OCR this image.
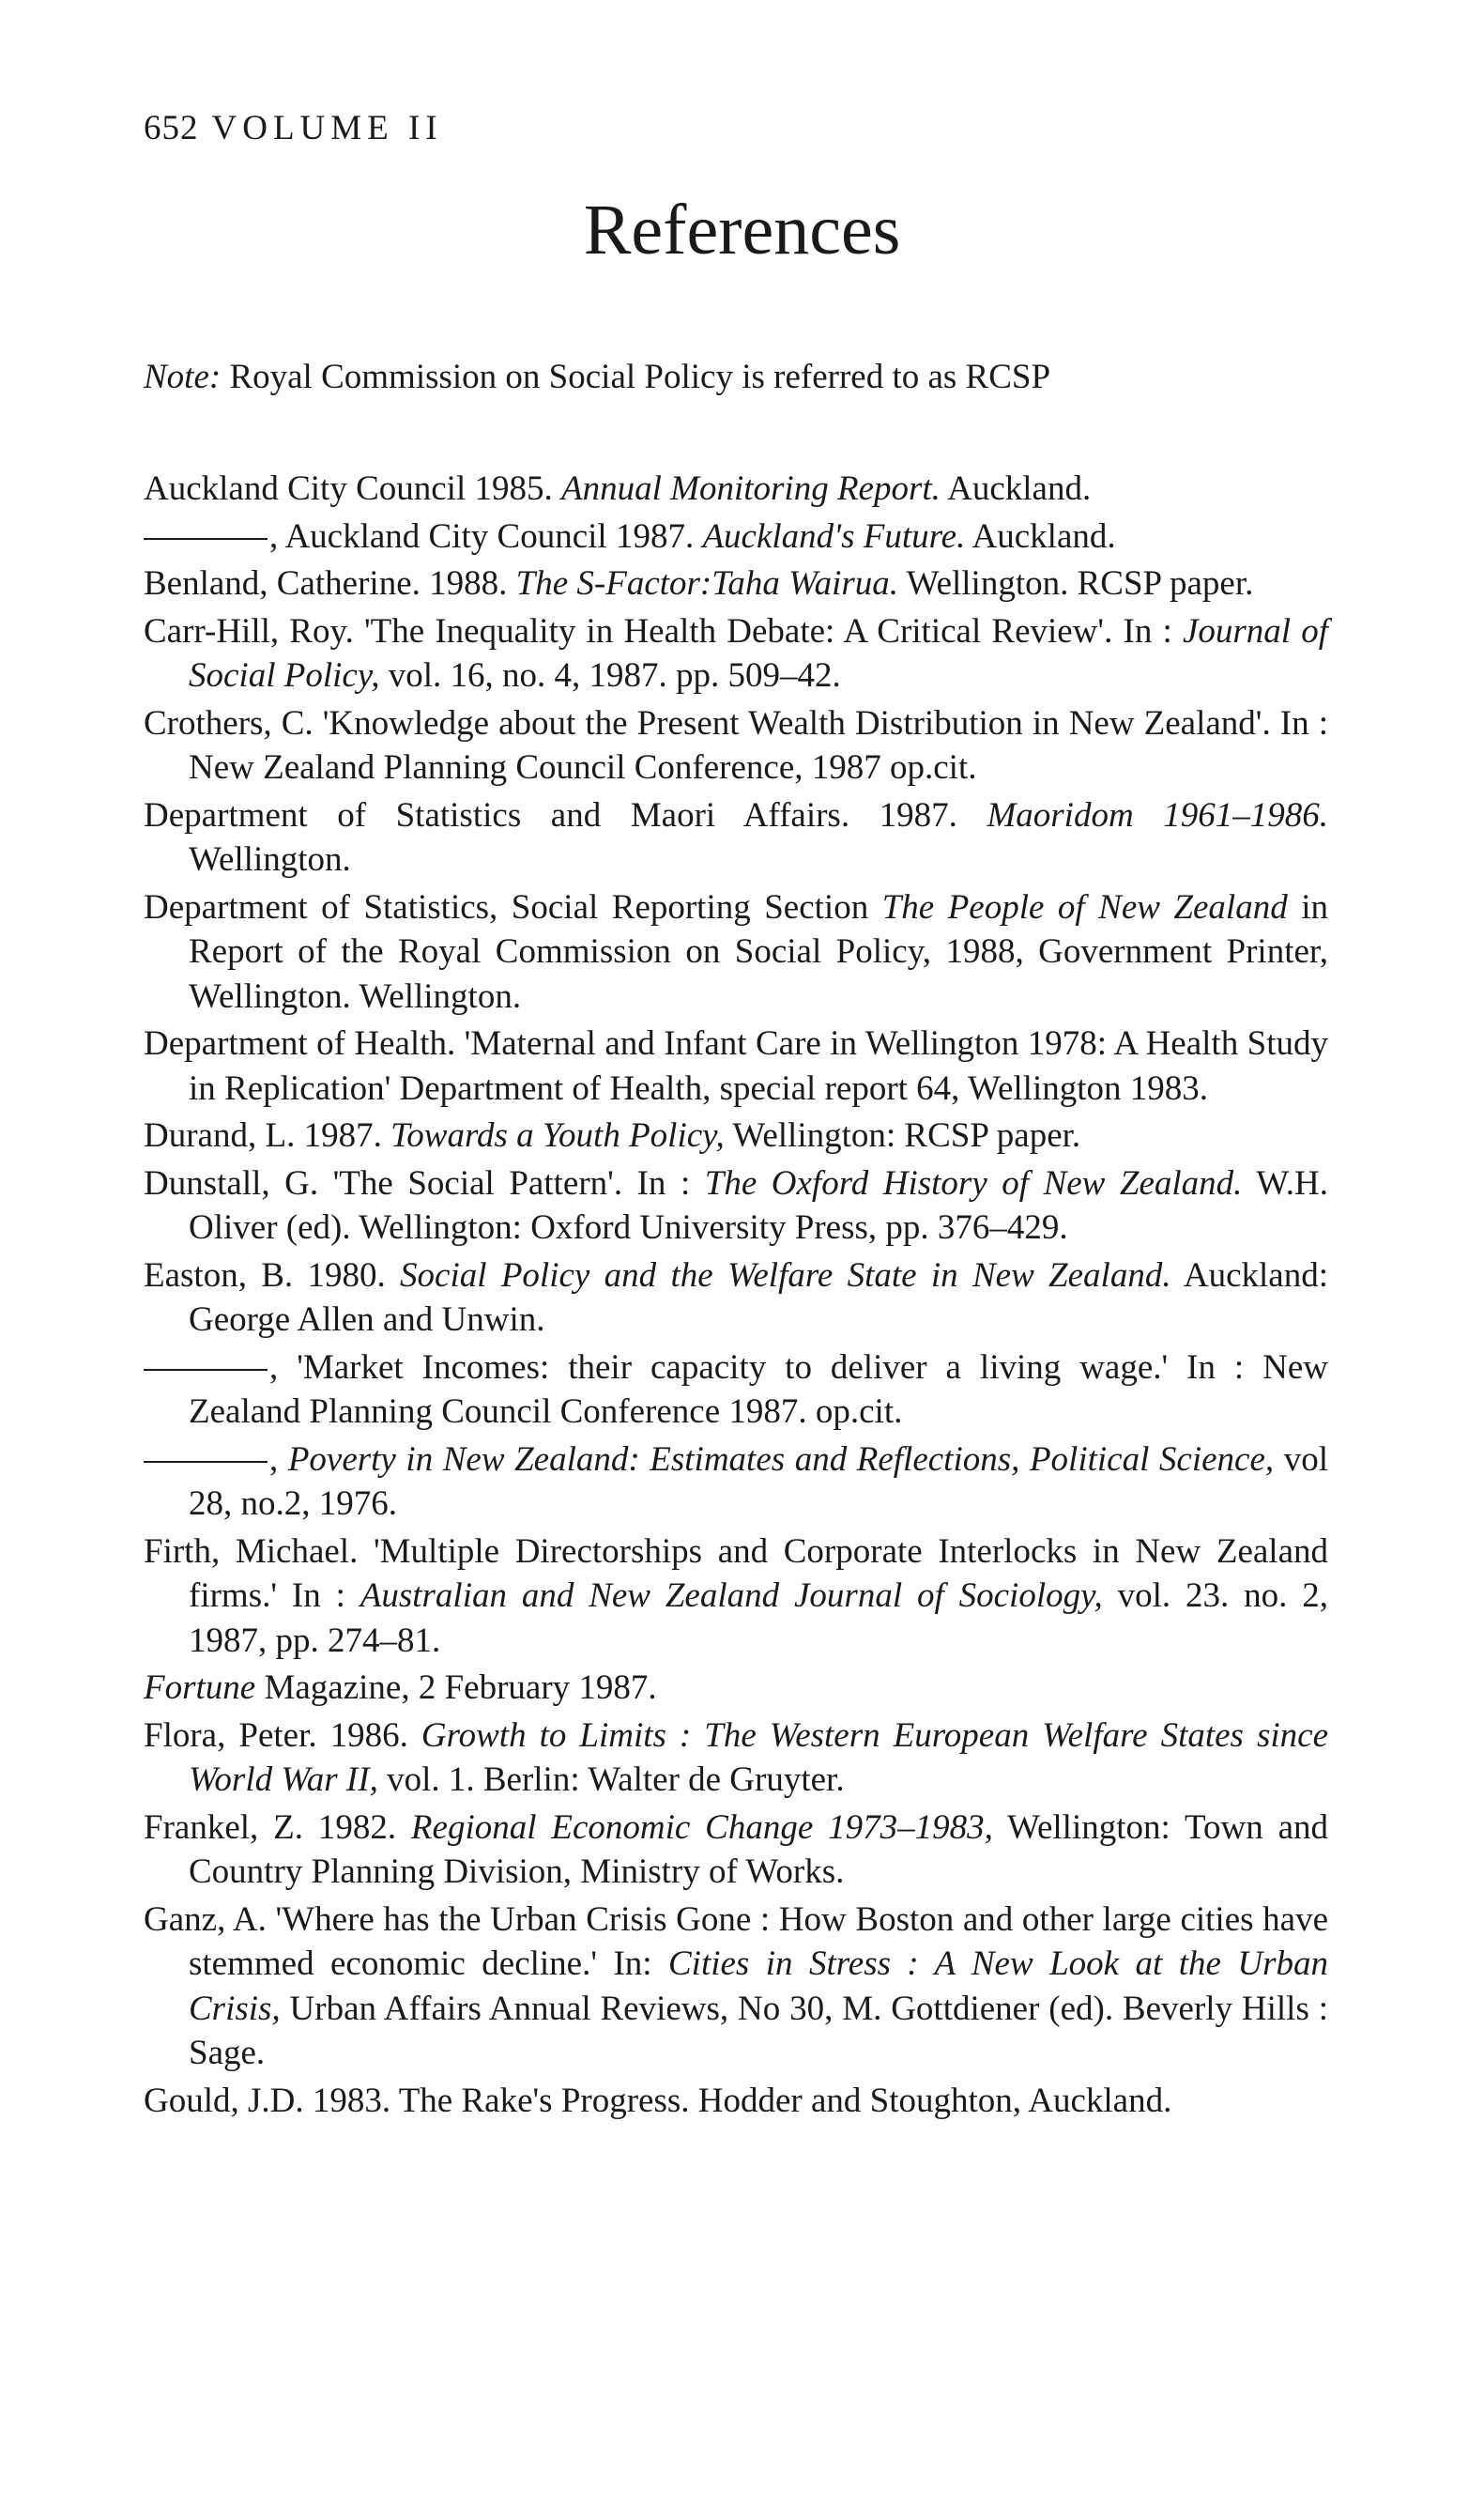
652 VOLUME II
References
Note: Royal Commission on Social Policy is referred to as RCSP
Auckland City Council 1985. Annual Monitoring Report. Auckland.
, Auckland City Council 1987. Auckland's Future. Auckland.
Benland, Catherine. 1988. The S-Factor:Taha Wairua. Wellington. RCSP paper.
Carr-Hill, Roy. 'The Inequality in Health Debate: A Critical Review'. In : Journal of Social Policy, vol. 16, no. 4, 1987. pp. 509–42.
Crothers, C. 'Knowledge about the Present Wealth Distribution in New Zealand'. In : New Zealand Planning Council Conference, 1987 op.cit.
Department of Statistics and Maori Affairs. 1987. Maoridom 1961–1986. Wellington.
Department of Statistics, Social Reporting Section The People of New Zealand in Report of the Royal Commission on Social Policy, 1988, Government Printer, Wellington. Wellington.
Department of Health. 'Maternal and Infant Care in Wellington 1978: A Health Study in Replication' Department of Health, special report 64, Wellington 1983.
Durand, L. 1987. Towards a Youth Policy, Wellington: RCSP paper.
Dunstall, G. 'The Social Pattern'. In : The Oxford History of New Zealand. W.H. Oliver (ed). Wellington: Oxford University Press, pp. 376–429.
Easton, B. 1980. Social Policy and the Welfare State in New Zealand. Auckland: George Allen and Unwin.
, 'Market Incomes: their capacity to deliver a living wage.' In : New Zealand Planning Council Conference 1987. op.cit.
, Poverty in New Zealand: Estimates and Reflections, Political Science, vol 28, no.2, 1976.
Firth, Michael. 'Multiple Directorships and Corporate Interlocks in New Zealand firms.' In : Australian and New Zealand Journal of Sociology, vol. 23. no. 2, 1987, pp. 274–81.
Fortune Magazine, 2 February 1987.
Flora, Peter. 1986. Growth to Limits : The Western European Welfare States since World War II, vol. 1. Berlin: Walter de Gruyter.
Frankel, Z. 1982. Regional Economic Change 1973–1983, Wellington: Town and Country Planning Division, Ministry of Works.
Ganz, A. 'Where has the Urban Crisis Gone : How Boston and other large cities have stemmed economic decline.' In: Cities in Stress : A New Look at the Urban Crisis, Urban Affairs Annual Reviews, No 30, M. Gottdiener (ed). Beverly Hills : Sage.
Gould, J.D. 1983. The Rake's Progress. Hodder and Stoughton, Auckland.
